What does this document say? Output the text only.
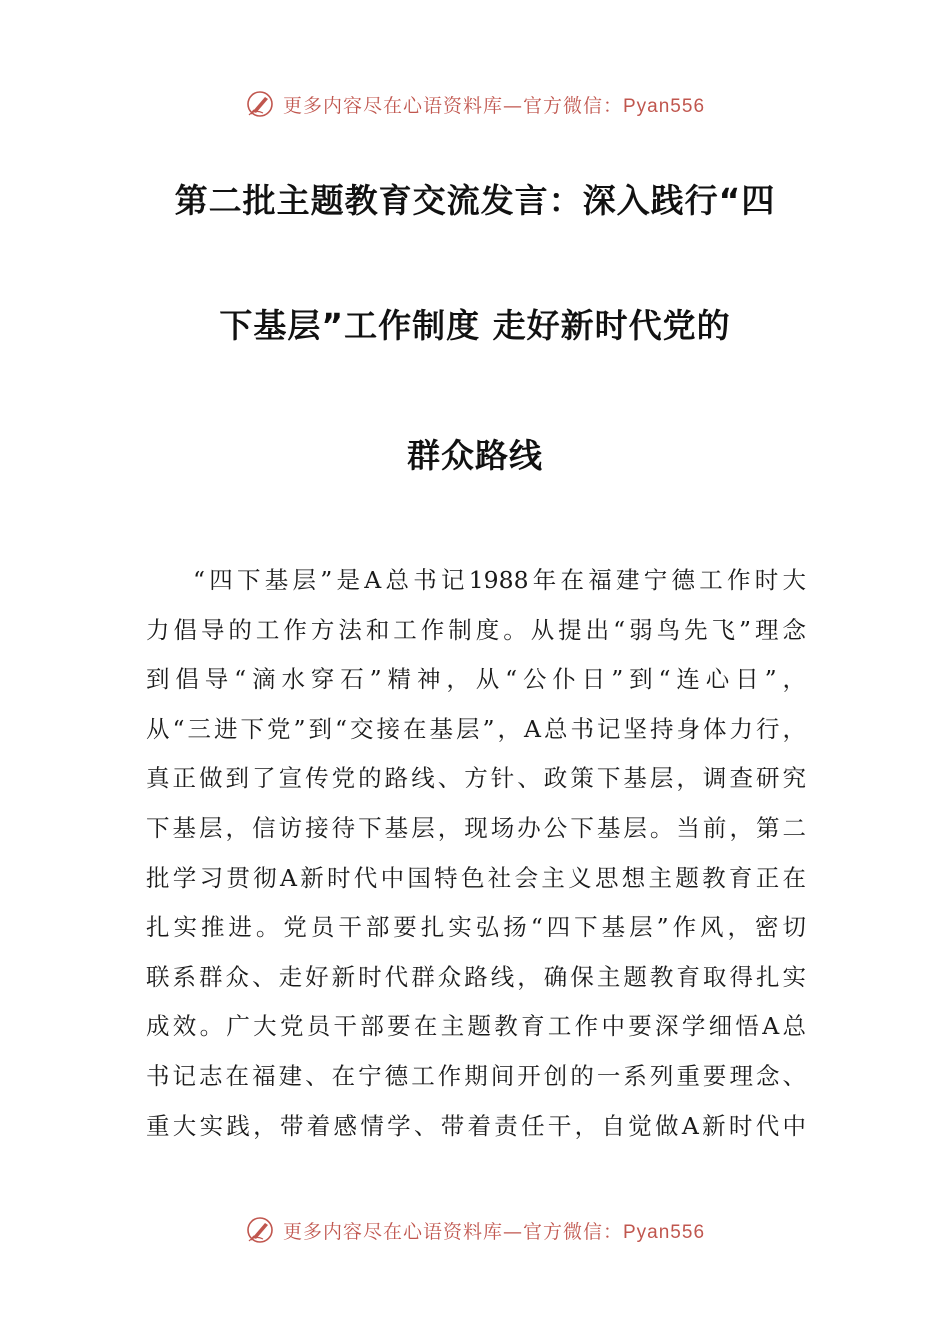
更多内容尽在心语资料库—官方微信：Pyan556
第二批主题教育交流发言：深入践行“四
下基层”工作制度 走好新时代党的
群众路线
“四下基层”是A总书记1988年在福建宁德工作时大
力倡导的工作方法和工作制度。从提出“弱鸟先飞”理念
到倡导“滴水穿石”精神，从“公仆日”到“连心日”，
从“三进下党”到“交接在基层”，A总书记坚持身体力行，
真正做到了宣传党的路线、方针、政策下基层，调查研究
下基层，信访接待下基层，现场办公下基层。当前，第二
批学习贯彻A新时代中国特色社会主义思想主题教育正在
扎实推进。党员干部要扎实弘扬“四下基层”作风，密切
联系群众、走好新时代群众路线，确保主题教育取得扎实
成效。广大党员干部要在主题教育工作中要深学细悟A总
书记志在福建、在宁德工作期间开创的一系列重要理念、
重大实践，带着感情学、带着责任干，自觉做A新时代中
更多内容尽在心语资料库—官方微信：Pyan556
